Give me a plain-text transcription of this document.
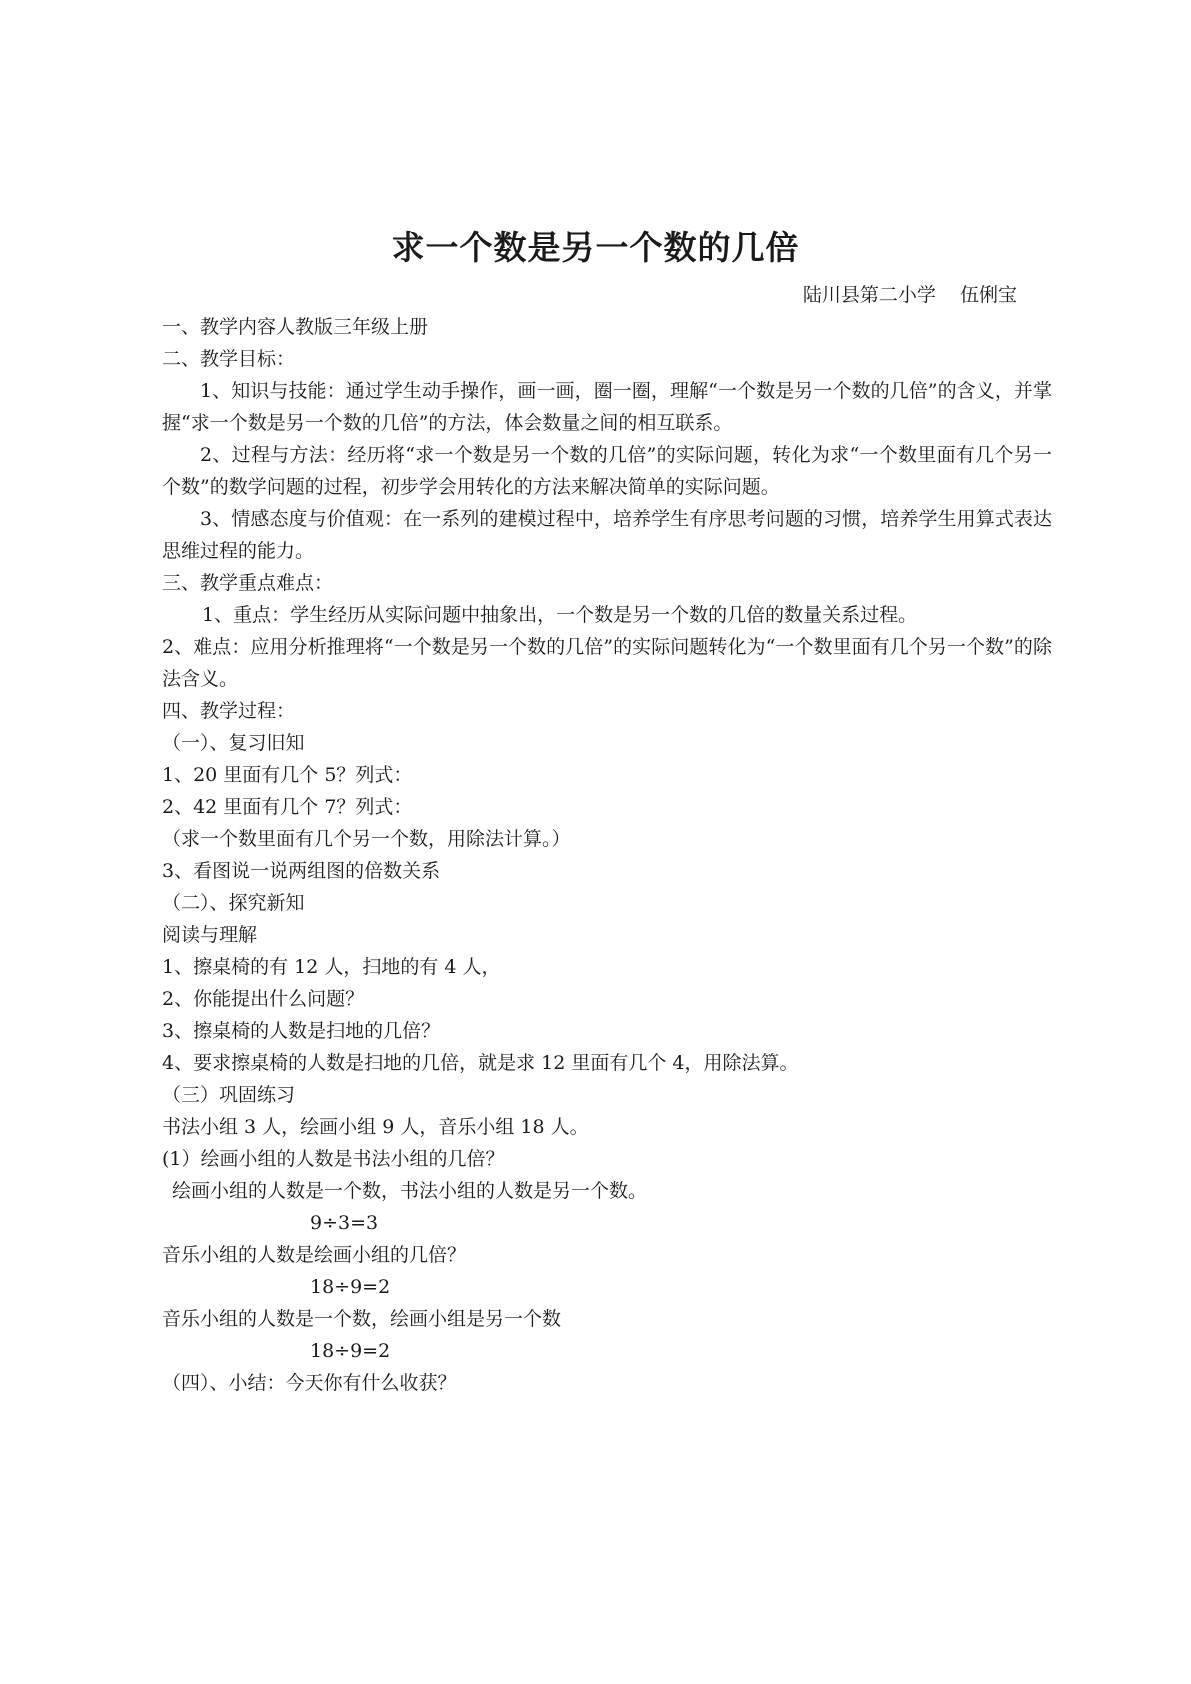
求一个数是另一个数的几倍
陆川县第二小学    伍俐宝
一、教学内容人教版三年级上册
二、教学目标：
1、知识与技能：通过学生动手操作，画一画，圈一圈，理解“一个数是另一个数的几倍”的含义，并掌握“求一个数是另一个数的几倍”的方法，体会数量之间的相互联系。
2、过程与方法：经历将“求一个数是另一个数的几倍”的实际问题，转化为求“一个数里面有几个另一个数”的数学问题的过程，初步学会用转化的方法来解决简单的实际问题。
3、情感态度与价值观：在一系列的建模过程中，培养学生有序思考问题的习惯，培养学生用算式表达思维过程的能力。
三、教学重点难点：
1、重点：学生经历从实际问题中抽象出，一个数是另一个数的几倍的数量关系过程。
2、难点：应用分析推理将“一个数是另一个数的几倍”的实际问题转化为“一个数里面有几个另一个数”的除法含义。
四、教学过程：
（一）、复习旧知
1、20 里面有几个 5？列式：
2、42 里面有几个 7？列式：
（求一个数里面有几个另一个数，用除法计算。）
3、看图说一说两组图的倍数关系
（二）、探究新知
阅读与理解
1、擦桌椅的有 12 人，扫地的有 4 人，
2、你能提出什么问题？
3、擦桌椅的人数是扫地的几倍？
4、要求擦桌椅的人数是扫地的几倍，就是求 12 里面有几个 4，用除法算。
（三）巩固练习
书法小组 3 人，绘画小组 9 人，音乐小组 18 人。
(1）绘画小组的人数是书法小组的几倍？
绘画小组的人数是一个数，书法小组的人数是另一个数。
9÷3=3
音乐小组的人数是绘画小组的几倍？
18÷9=2
音乐小组的人数是一个数，绘画小组是另一个数
18÷9=2
（四）、小结：今天你有什么收获？
